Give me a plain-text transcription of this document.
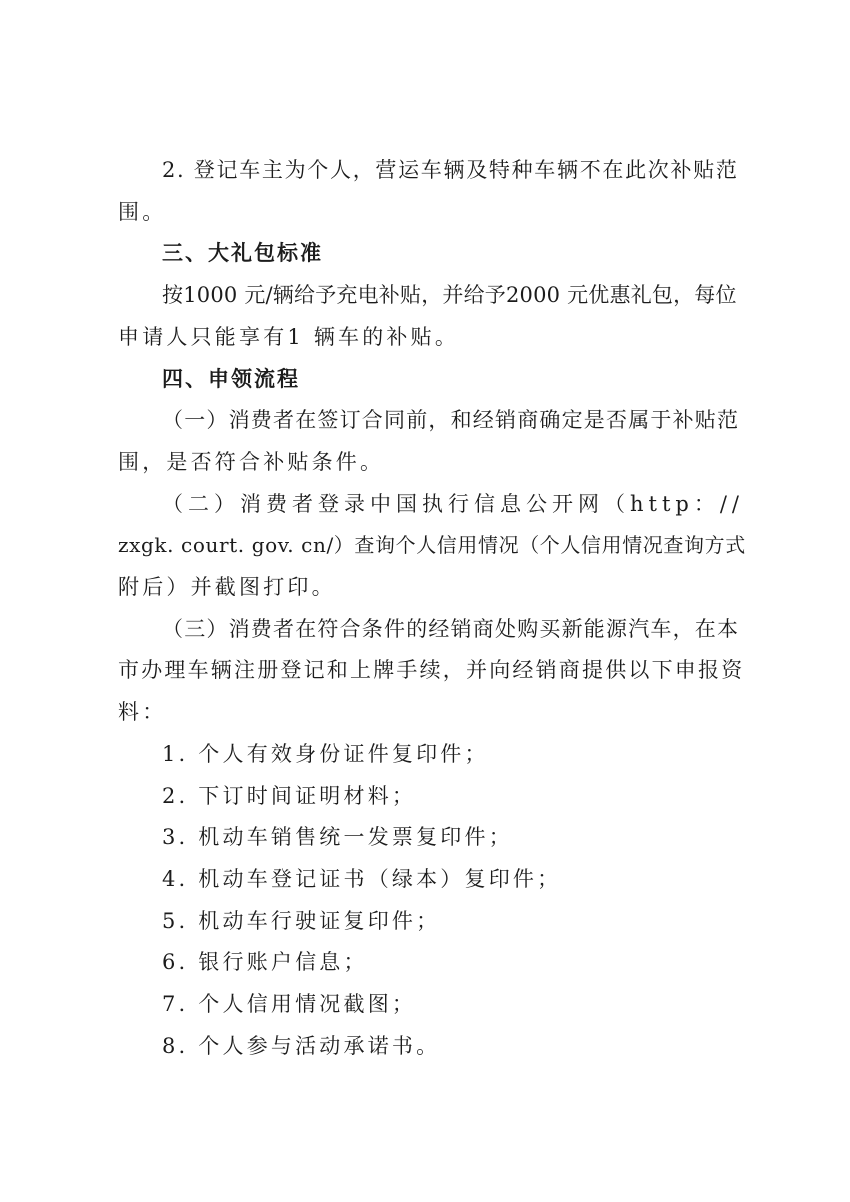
2. 登记车主为个人，营运车辆及特种车辆不在此次补贴范
围。
三、大礼包标准
按1000 元/辆给予充电补贴，并给予2000 元优惠礼包，每位
申请人只能享有1 辆车的补贴。
四、申领流程
（一）消费者在签订合同前，和经销商确定是否属于补贴范
围，是否符合补贴条件。
（二）消费者登录中国执行信息公开网（http：//
zxgk. court. gov. cn/）查询个人信用情况（个人信用情况查询方式
附后）并截图打印。
（三）消费者在符合条件的经销商处购买新能源汽车，在本
市办理车辆注册登记和上牌手续，并向经销商提供以下申报资
料：
1. 个人有效身份证件复印件；
2. 下订时间证明材料；
3. 机动车销售统一发票复印件；
4. 机动车登记证书（绿本）复印件；
5. 机动车行驶证复印件；
6. 银行账户信息；
7. 个人信用情况截图；
8. 个人参与活动承诺书。
